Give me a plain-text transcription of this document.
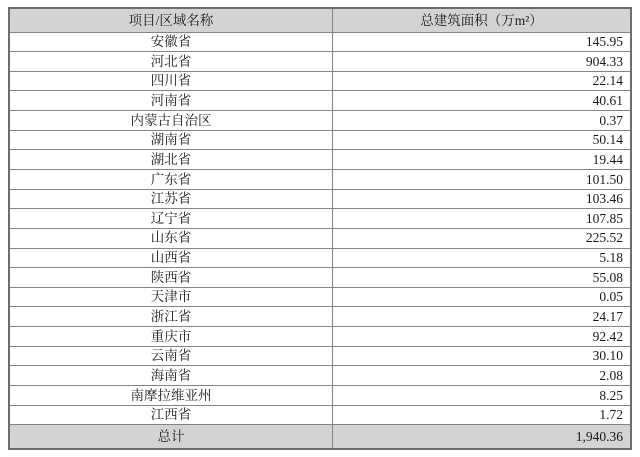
项目/区域名称	总建筑面积（万m²）
安徽省	145.95
河北省	904.33
四川省	22.14
河南省	40.61
内蒙古自治区	0.37
湖南省	50.14
湖北省	19.44
广东省	101.50
江苏省	103.46
辽宁省	107.85
山东省	225.52
山西省	5.18
陕西省	55.08
天津市	0.05
浙江省	24.17
重庆市	92.42
云南省	30.10
海南省	2.08
南摩拉维亚州	8.25
江西省	1.72
总计	1,940.36
